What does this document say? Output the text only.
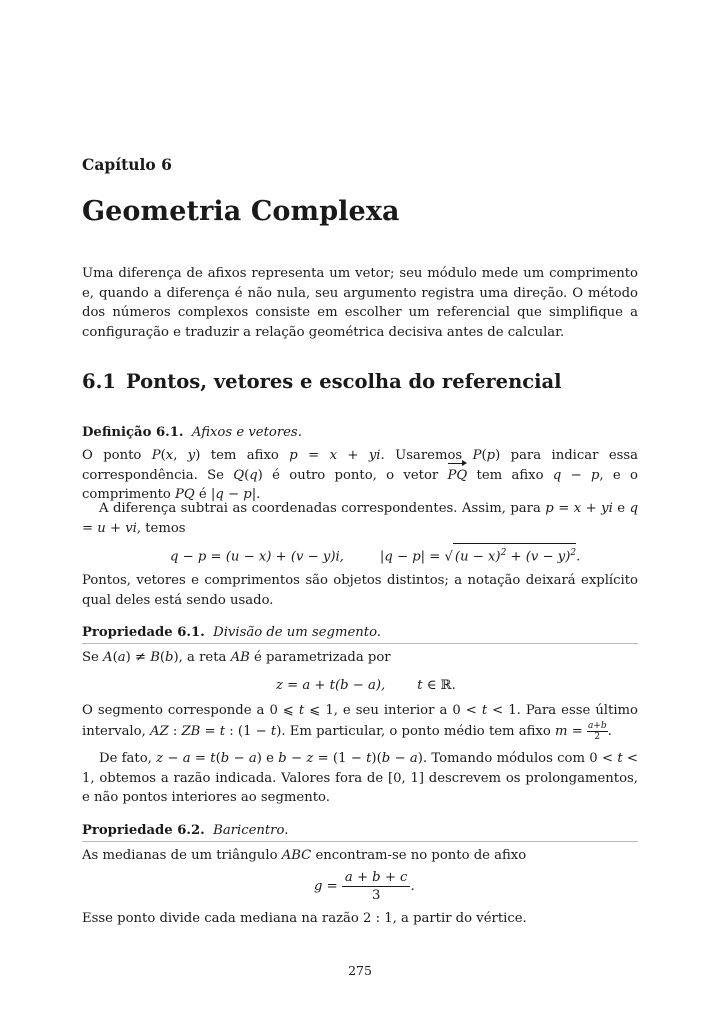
Capítulo 6
Geometria Complexa
Uma diferença de afixos representa um vetor; seu módulo mede um comprimento e, quando a diferença é não nula, seu argumento registra uma direção. O método dos números complexos consiste em escolher um referencial que simplifique a configuração e traduzir a relação geométrica decisiva antes de calcular.
6.1 Pontos, vetores e escolha do referencial
Definição 6.1. Afixos e vetores.
O ponto P(x, y) tem afixo p = x + yi. Usaremos P(p) para indicar essa correspondência. Se Q(q) é outro ponto, o vetor PQ tem afixo q − p, e o comprimento PQ é |q − p|.
A diferença subtrai as coordenadas correspondentes. Assim, para p = x + yi e q = u + vi, temos
q − p = (u − x) + (v − y)i,	|q − p| = √ $(u - x)^2 + (v - y)^2$.
Pontos, vetores e comprimentos são objetos distintos; a notação deixará explícito qual deles está sendo usado.
Propriedade 6.1. Divisão de um segmento.
Se A(a) ≠ B(b), a reta AB é parametrizada por
z = a + t(b − a), t ∈ ℝ.
O segmento corresponde a 0 ⩽ t ⩽ 1, e seu interior a 0 < t < 1. Para esse último intervalo, AZ : ZB = t : (1 − t). Em particular, o ponto médio tem afixo $m = \frac{a+b}{2}$ .
De fato, z − a = t(b − a) e b − z = (1 − t)(b − a). Tomando módulos com 0 < t < 1, obtemos a razão indicada. Valores fora de [0, 1] descrevem os prolongamentos, e não pontos interiores ao segmento.
Propriedade 6.2. Baricentro.
As medianas de um triângulo ABC encontram-se no ponto de afixo
$g = \frac{a + b + c}{3}$ .
Esse ponto divide cada mediana na razão 2 : 1, a partir do vértice.
275
